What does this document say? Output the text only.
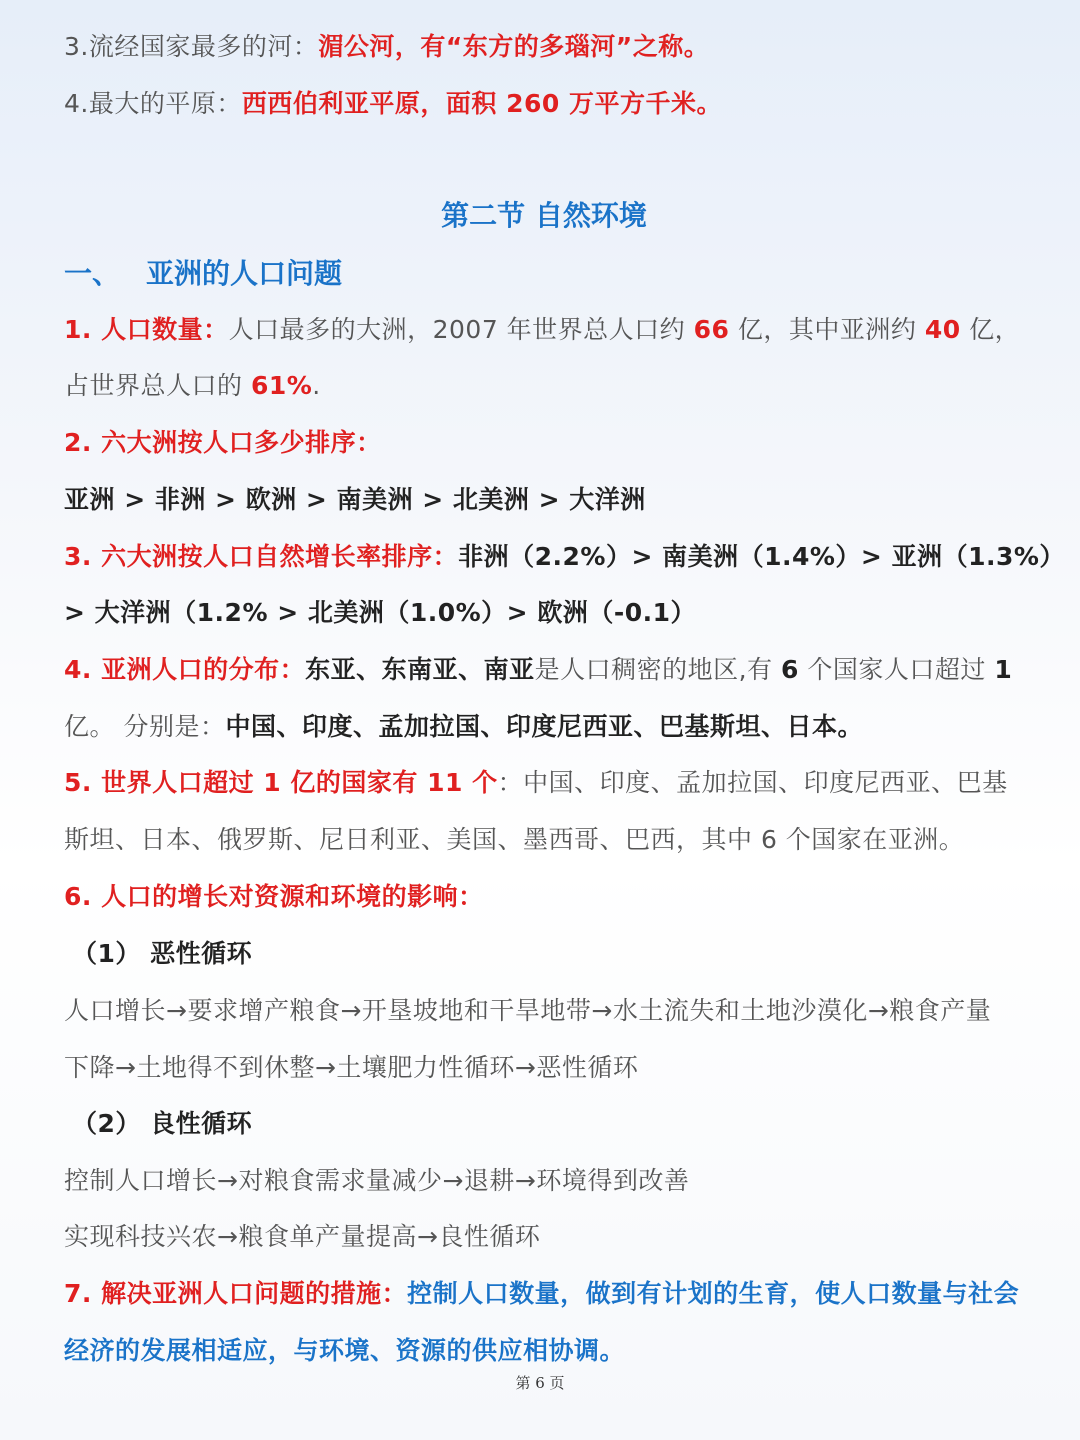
3.流经国家最多的河：湄公河，有“东方的多瑙河”之称。
4.最大的平原：西西伯利亚平原，面积 260 万平方千米。
第二节 自然环境
一、 亚洲的人口问题
1. 人口数量：人口最多的大洲，2007 年世界总人口约 66 亿，其中亚洲约 40 亿，
占世界总人口的 61%.
2. 六大洲按人口多少排序：
亚洲 > 非洲 > 欧洲 > 南美洲 > 北美洲 > 大洋洲
3. 六大洲按人口自然增长率排序：非洲（2.2%）> 南美洲（1.4%）> 亚洲（1.3%）
> 大洋洲（1.2% > 北美洲（1.0%）> 欧洲（-0.1）
4. 亚洲人口的分布：东亚、东南亚、南亚是人口稠密的地区,有 6 个国家人口超过 1
亿。 分别是：中国、印度、孟加拉国、印度尼西亚、巴基斯坦、日本。
5. 世界人口超过 1 亿的国家有 11 个：中国、印度、孟加拉国、印度尼西亚、巴基
斯坦、日本、俄罗斯、尼日利亚、美国、墨西哥、巴西，其中 6 个国家在亚洲。
6. 人口的增长对资源和环境的影响：
（1） 恶性循环
人口增长→要求增产粮食→开垦坡地和干旱地带→水土流失和土地沙漠化→粮食产量
下降→土地得不到休整→土壤肥力性循环→恶性循环
（2） 良性循环
控制人口增长→对粮食需求量减少→退耕→环境得到改善
实现科技兴农→粮食单产量提高→良性循环
7. 解决亚洲人口问题的措施：控制人口数量，做到有计划的生育，使人口数量与社会
经济的发展相适应，与环境、资源的供应相协调。
第 6 页
